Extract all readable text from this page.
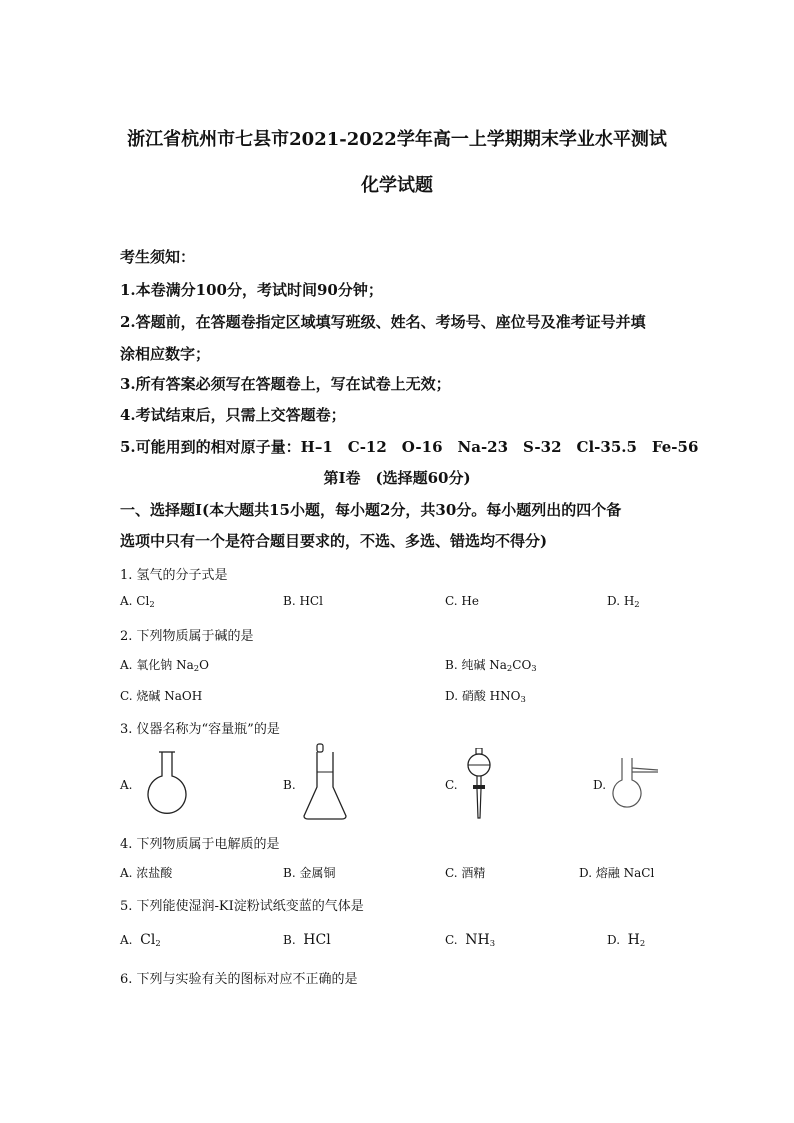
浙江省杭州市七县市2021-2022学年高一上学期期末学业水平测试
化学试题
考生须知：
1.本卷满分100分，考试时间90分钟；
2.答题前，在答题卷指定区域填写班级、姓名、考场号、座位号及准考证号并填
涂相应数字；
3.所有答案必须写在答题卷上，写在试卷上无效；
4.考试结束后，只需上交答题卷；
5.可能用到的相对原子量：H–1　C-12　O-16　Na-23　S-32　Cl-35.5　Fe-56
第Ⅰ卷　(选择题60分)
一、选择题Ⅰ(本大题共15小题，每小题2分，共30分。每小题列出的四个备
选项中只有一个是符合题目要求的，不选、多选、错选均不得分)
1. 氢气的分子式是
A. $Cl_2$	B. HCl	C. He	D. $H_2$
2. 下列物质属于碱的是
A. 氧化钠 $Na_2O$	B. 纯碱 $Na_2CO_3$
C. 烧碱 NaOH	D. 硝酸 $HNO_3$
3. 仪器名称为“容量瓶”的是
A.	B.	C.	D.
4. 下列物质属于电解质的是
A. 浓盐酸	B. 金属铜	C. 酒精	D. 熔融 NaCl
5. 下列能使湿润-KI淀粉试纸变蓝的气体是
A. $Cl_2$	B. HCl	C. $NH_3$	D. $H_2$
6. 下列与实验有关的图标对应不正确的是
